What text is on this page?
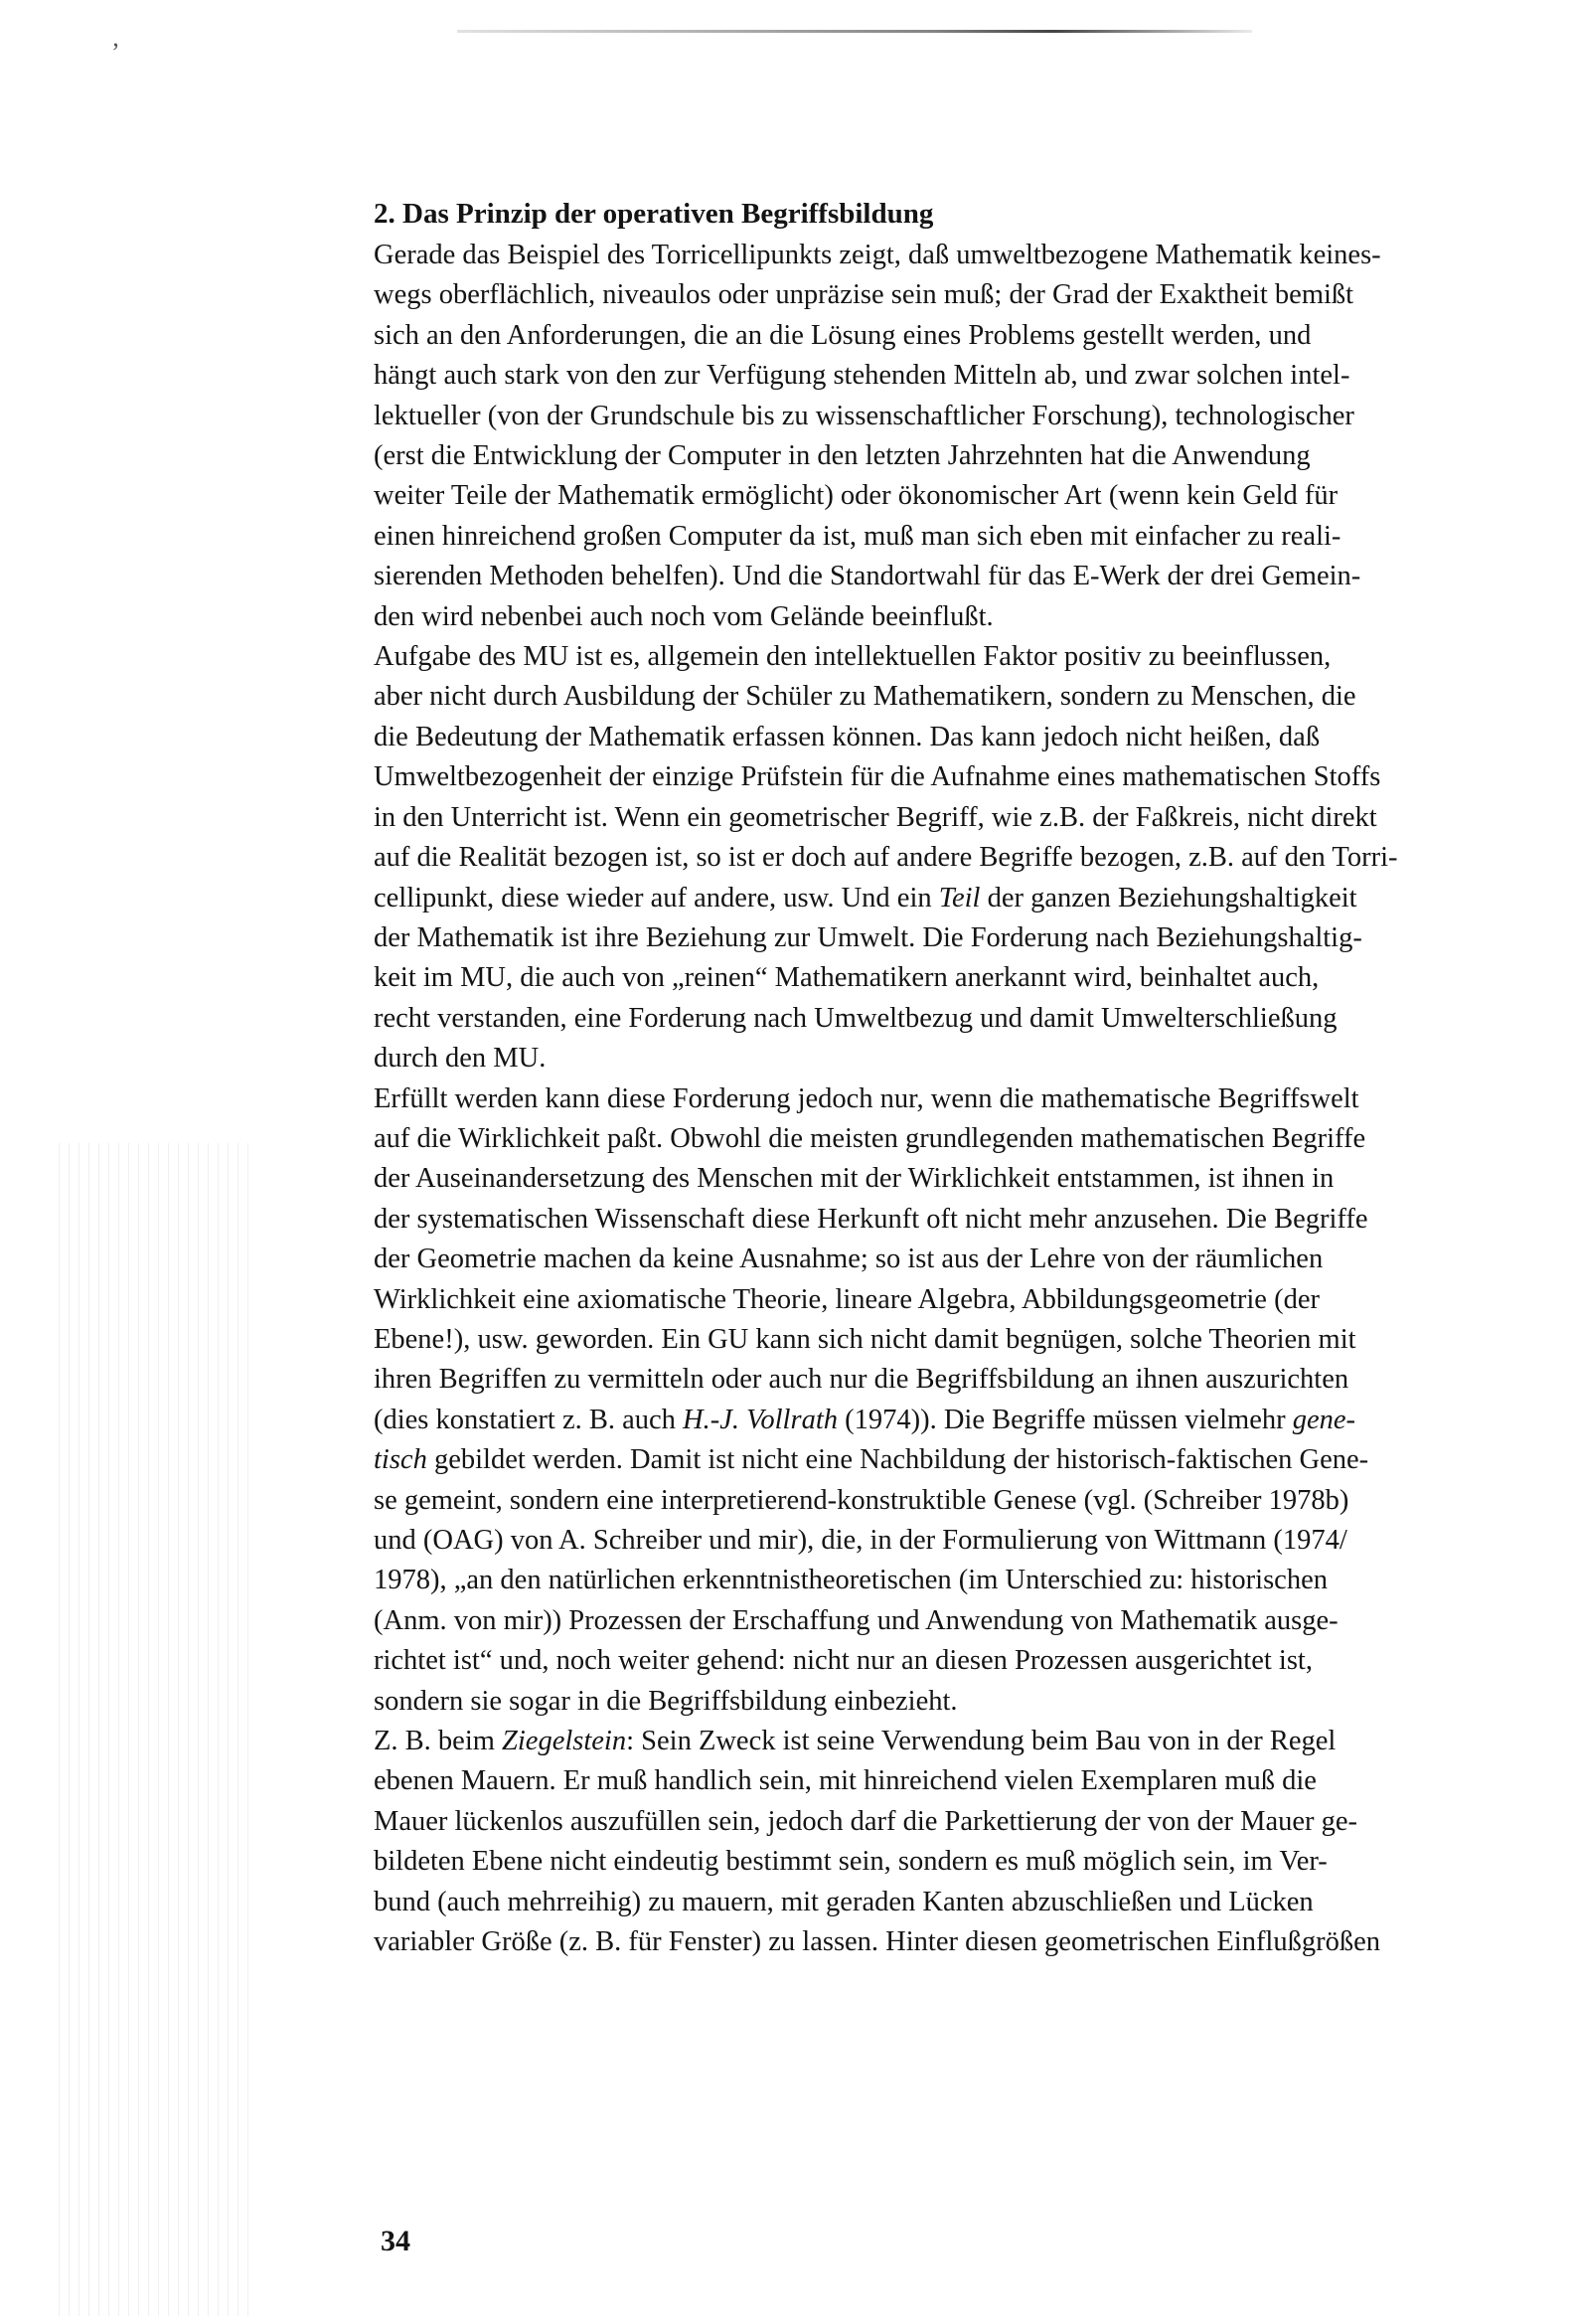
ʼ
2. Das Prinzip der operativen Begriffsbildung
Gerade das Beispiel des Torricellipunkts zeigt, daß umweltbezogene Mathematik keines-
wegs oberflächlich, niveaulos oder unpräzise sein muß; der Grad der Exaktheit bemißt
sich an den Anforderungen, die an die Lösung eines Problems gestellt werden, und
hängt auch stark von den zur Verfügung stehenden Mitteln ab, und zwar solchen intel-
lektueller (von der Grundschule bis zu wissenschaftlicher Forschung), technologischer
(erst die Entwicklung der Computer in den letzten Jahrzehnten hat die Anwendung
weiter Teile der Mathematik ermöglicht) oder ökonomischer Art (wenn kein Geld für
einen hinreichend großen Computer da ist, muß man sich eben mit einfacher zu reali-
sierenden Methoden behelfen). Und die Standortwahl für das E-Werk der drei Gemein-
den wird nebenbei auch noch vom Gelände beeinflußt.
Aufgabe des MU ist es, allgemein den intellektuellen Faktor positiv zu beeinflussen,
aber nicht durch Ausbildung der Schüler zu Mathematikern, sondern zu Menschen, die
die Bedeutung der Mathematik erfassen können. Das kann jedoch nicht heißen, daß
Umweltbezogenheit der einzige Prüfstein für die Aufnahme eines mathematischen Stoffs
in den Unterricht ist. Wenn ein geometrischer Begriff, wie z.B. der Faßkreis, nicht direkt
auf die Realität bezogen ist, so ist er doch auf andere Begriffe bezogen, z.B. auf den Torri-
cellipunkt, diese wieder auf andere, usw. Und ein Teil der ganzen Beziehungshaltigkeit
der Mathematik ist ihre Beziehung zur Umwelt. Die Forderung nach Beziehungshaltig-
keit im MU, die auch von „reinen“ Mathematikern anerkannt wird, beinhaltet auch,
recht verstanden, eine Forderung nach Umweltbezug und damit Umwelterschließung
durch den MU.
Erfüllt werden kann diese Forderung jedoch nur, wenn die mathematische Begriffswelt
auf die Wirklichkeit paßt. Obwohl die meisten grundlegenden mathematischen Begriffe
der Auseinandersetzung des Menschen mit der Wirklichkeit entstammen, ist ihnen in
der systematischen Wissenschaft diese Herkunft oft nicht mehr anzusehen. Die Begriffe
der Geometrie machen da keine Ausnahme; so ist aus der Lehre von der räumlichen
Wirklichkeit eine axiomatische Theorie, lineare Algebra, Abbildungsgeometrie (der
Ebene!), usw. geworden. Ein GU kann sich nicht damit begnügen, solche Theorien mit
ihren Begriffen zu vermitteln oder auch nur die Begriffsbildung an ihnen auszurichten
(dies konstatiert z. B. auch H.-J. Vollrath (1974)). Die Begriffe müssen vielmehr gene-
tisch gebildet werden. Damit ist nicht eine Nachbildung der historisch-faktischen Gene-
se gemeint, sondern eine interpretierend-konstruktible Genese (vgl. (Schreiber 1978b)
und (OAG) von A. Schreiber und mir), die, in der Formulierung von Wittmann (1974/
1978), „an den natürlichen erkenntnistheoretischen (im Unterschied zu: historischen
(Anm. von mir)) Prozessen der Erschaffung und Anwendung von Mathematik ausge-
richtet ist“ und, noch weiter gehend: nicht nur an diesen Prozessen ausgerichtet ist,
sondern sie sogar in die Begriffsbildung einbezieht.
Z. B. beim Ziegelstein: Sein Zweck ist seine Verwendung beim Bau von in der Regel
ebenen Mauern. Er muß handlich sein, mit hinreichend vielen Exemplaren muß die
Mauer lückenlos auszufüllen sein, jedoch darf die Parkettierung der von der Mauer ge-
bildeten Ebene nicht eindeutig bestimmt sein, sondern es muß möglich sein, im Ver-
bund (auch mehrreihig) zu mauern, mit geraden Kanten abzuschließen und Lücken
variabler Größe (z. B. für Fenster) zu lassen. Hinter diesen geometrischen Einflußgrößen
34
